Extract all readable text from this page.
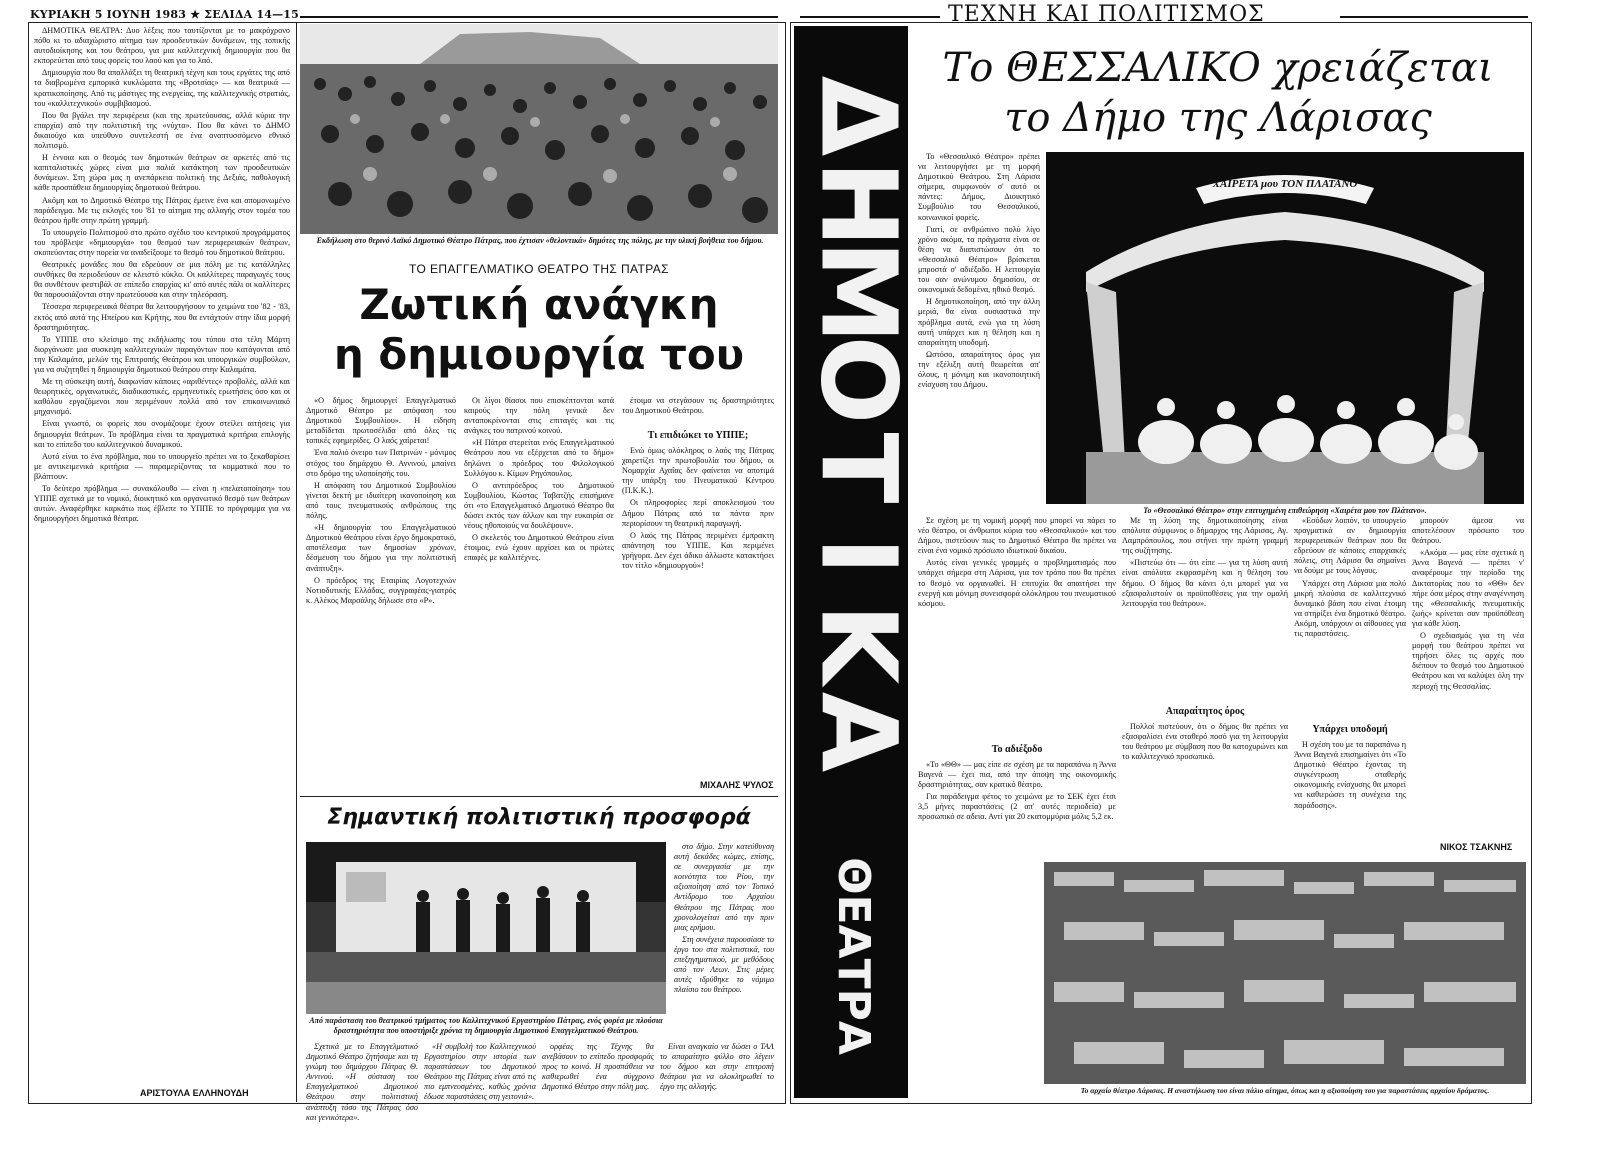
ΚΥΡΙΑΚΗ 5 ΙΟΥΝΗ 1983 ★ ΣΕΛΙΔΑ 14—15	ΤΕΧΝΗ ΚΑΙ ΠΟΛΙΤΙΣΜΟΣ

ΔΗΜΟΤΙΚΑ ΘΕΑΤΡΑ: Δυο λέξεις που ταυτίζονται με το μακρόχρονο πόθο κι το αδιαχώριστο αίτημα των προοδευτικών δυνάμεων, της τοπικής αυτοδιοίκησης και του θεάτρου, για μια καλλιτεχνική δημιουργία που θα εκπορεύεται από τους φορείς του λαού και για το λαό.

Δημιουργία που θα απαλλάξει τη θεατρική τέχνη και τους εργάτες της από τα διαβρωμένα εμπορικά κυκλώματα της «Βροτσίας» — και θεατρικά — κρατικοποίησης. Από τις μάστιγες της ενεργείας, της καλλιτεχνικής στρατιάς, του «καλλιτεχνικού» συμβιβασμού.

Που θα βγάλει την περιφέρεια (και της πρωτεύουσας, αλλά κύρια την επαρχία) από την πολιτιστική της «νύχτα». Που θα κάνει το ΔΗΜΟ δικαιούχο και υπεύθυνο συντελεστή σε ένα αναπτυσσόμενο εθνικό πολιτισμό.

Η έννοια και ο θεσμός των δημοτικών θεάτρων σε αρκετές από τις καπιταλιστικές χώρες είναι μια παλιά κατάκτηση των προοδευτικών δυνάμεων. Στη χώρα μας η ανεπάρκεια πολιτική της Δεξιάς, παθολογική κάθε προσπάθεια δημιουργίας δημοτικού θεάτρου.

Ακόμη και το Δημοτικό Θέατρο της Πάτρας έμεινε ένα και απομονωμένο παράδειγμα. Με τις εκλογές του '81 το αίτημα της αλλαγής στον τομέα του θεάτρου ήρθε στην πρώτη γραμμή.

Το υπουργείο Πολιτισμού στο πρώτο σχέδιο του κεντρικού προγράμματος του πρόβλεψε «δημιουργία» του θεσμού των περιφερειακών θεάτρων, σκοπεύοντας στην πορεία να αναδείξουμε το θεσμό του δημοτικού θεάτρου.

Θεατρικές μονάδες που θα εδρεύουν σε μια πόλη με τις κατάλληλες συνθήκες θα περιοδεύουν σε κλειστό κύκλο. Οι καλλίτερες παραγωγές τους θα συνθέτουν φεστιβάλ σε επίπεδο επαρχίας κι' από αυτές πάλι οι καλλίτερες θα παρουσιάζονται στην πρωτεύουσα και στην τηλεόραση.

Τέσσερα περιφερειακά θέατρα θα λειτουργήσουν το χειμώνα του '82 - '83, εκτός από αυτά της Ηπείρου και Κρήτης, που θα εντάχτούν στην ίδια μορφή δραστηριότητας.

Το ΥΠΠΕ στο κλείσιμο της εκδήλωσης του τύπου στα τέλη Μάρτη διοργάνωσε μια συσκεψη καλλιτεχνικών παραγόντων που κατάγονται από την Καλαμάτα, μελών της Επιτροπής Θεάτρου και υπουργικών συμβούλων, για να συζητηθεί η δημιουργία δημοτικού θεάτρου στην Καλαμάτα.

Με τη σύσκεψη αυτή, διαφωνίαν κάποιες «αριθέντες» προβολές, αλλά και θεωρητικές, οργανωτικές, διαδικαστικές, ερμηνευτικές ερωτήσεις όσο και οι καθόλου εργαζόμενοι που περιμένουν πολλά από τον επικοινωνιακό μηχανισμό.

Είναι γνωστό, οι φορείς που ονομάζουμε έχουν στείλει αιτήσεις για δημιουργία θεάτρων. Το πρόβλημα είναι τα πραγματικά κριτήρια επιλογής και το επίπεδο του καλλιτεχνικού δυναμικού.

Αυτό είναι το ένα πρόβλημα, που το υπουργείο πρέπει να το ξεκαθαρίσει με αντικειμενικά κριτήρια — παραμερίζοντας τα κομματικά που το βλάπτουν.

Το δεύτερο πρόβλημα — συνακόλουθο — είναι η «πελατοποίηση» του ΥΠΠΕ σχετικά με το νομικό, διοικητικό και οργανωτικό θεσμό των θεάτρων αυτών. Αναφέρθηκε καρκάτω πως έβλεπε το ΥΠΠΕ το πρόγραμμα για να δημιουργήσει δημοτικά θέατρα.

ΑΡΙΣΤΟΥΛΑ ΕΛΛΗΝΟΥΔΗ
Εκδήλωση στο θερινό Λαϊκό Δημοτικό Θέατρο Πάτρας, που έχτισαν «θελοντικά» δημότες της πόλης, με την υλική βοήθεια του δήμου.
ΤΟ ΕΠΑΓΓΕΛΜΑΤΙΚΟ ΘΕΑΤΡΟ ΤΗΣ ΠΑΤΡΑΣ
Ζωτική ανάγκη
η δημιουργία του

«Ο δήμος δημιουργεί Επαγγελματικό Δημοτικό Θέατρο με απόφαση του Δημοτικού Συμβουλίου». Η είδηση μεταδίδεται πρωτοσέλιδα από όλες τις τοπικές εφημερίδες. Ο λαός χαίρεται!

Ένα παλιό όνειρο των Πατρινών - μόνιμος στόχος του δημάρχου Θ. Αννινού, μπαίνει στο δρόμο της υλοποίησής του.

Η απόφαση του Δημοτικού Συμβουλίου γίνεται δεκτή με ιδιαίτερη ικανοποίηση και από τους πνευματικούς ανθρώπους της πόλης.

«Η δημιουργία του Επαγγελματικού Δημοτικού Θεάτρου είναι έργο δημοκρατικό, αποτέλεσμα των δημοσίων χρόνων, δέσμευση του δήμου για την πολιτιστική ανάπτυξη».

Ο πρόεδρος της Εταιρίας Λογοτεχνών Νοτιοδυτικής Ελλάδας, συγγραφέας-γιατρός κ. Αλέκος Μαρσάλης δήλωσε στο «Ρ».

Οι λίγοι θίασοι που επισκέπτονται κατά καιρούς την πόλη γενικά δεν ανταποκρίνονται στις επιταγές και τις ανάγκες του πατρινού κοινού.

«Η Πάτρα στερείται ενός Επαγγελματικού Θεάτρου που να εξέρχεται από το δήμο» δηλώνει ο πρόεδρος του Φιλολογικού Συλλόγου κ. Κίμων Ρηγόπουλος.

Ο αντιπρόεδρος του Δημοτικού Συμβουλίου, Κώστας Ταβατζής επισήμανε ότι «το Επαγγελματικό Δημοτικό Θέατρο θα δώσει εκτός των άλλων και την ευκαιρία σε νέους ηθοποιούς να δουλέψουν».

Ο σκελετός του Δημοτικού Θεάτρου είναι έτοιμος, ενώ έχουν αρχίσει και οι πρώτες επαφές με καλλιτέχνες.

έτοιμα να στεγάσουν τις δραστηριότητες του Δημοτικού Θεάτρου.

Τι επιδιώκει το ΥΠΠΕ;

Ενώ όμως ολόκληρος ο λαός της Πάτρας χαιρετίζει την πρωτοβουλία του δήμου, οι Νομαρχία Αχαΐας δεν φαίνεται να αποτιμά την υπάρξη του Πνευματικού Κέντρου (Π.Κ.Κ.).

Οι πληροφορίες περί αποκλεισμού του Δήμου Πάτρας από τα πάντα πριν περιορίσουν τη θεατρική παραγωγή.

Ο λαός της Πάτρας περιμένει έμπρακτη απάντηση του ΥΠΠΕ. Και περιμένει γρήγορα. Δεν έχει άδικο άλλωστε κατακτήσει τον τίτλο «δημιουργού»!

ΜΙΧΑΛΗΣ ΨΥΛΟΣ
Σημαντική πολιτιστική προσφορά

στο δήμο. Στην κατεύθυνση αυτή δεκάδες κώμες, επίσης, σε συνεργασία με την κοινότητα του Ρίου, την αξιοποίηση από τον Τοπικό Αντίδρομο του Αρχαίου Θεάτρου της Πάτρας που χρονολογείται από την πριν μιας ερήμου.

Στη συνέχεια παρουσίασε το έργο του στα πολιτιστικά, του επεξηγηματικού, με μεθόδους από τον Λεων. Στις μέρες αυτές ιδρύθηκε το νόμιμο πλαίσιο του θεάτρου.

Από παράσταση του θεατρικού τμήματος του Καλλιτεχνικού Εργαστηρίου Πάτρας, ενός φορέα με πλούσια δραστηριότητα που υποστήριξε χρόνια τη δημιουργία Δημοτικού Επαγγελματικού Θεάτρου.

Σχετικά με το Επαγγελματικό Δημοτικό Θέατρο ζητήσαμε και τη γνώμη του δημάρχου Πάτρας Θ. Αννινού. «Η σύσταση του Επαγγελματικού Δημοτικού Θεάτρου στην πολιτιστική ανάπτυξη τόσο της Πάτρας όσο και γενικότερα».

«Η συμβολή του Καλλιτεχνικού Εργαστηρίου στην ιστορία των παραστάσεων του Δημοτικού Θεάτρου της Πάτρας είναι από τις πιο εμπνευσμένες, καθώς χρόνια έδωσε παραστάσεις στη γειτονιά».

ορφέας της Τέχνης θα ανεβάσουν το επίπεδο προσφοράς προς το κοινό. Η προσπάθεια να καθιερωθεί ένα σύγχρονο Δημοτικό Θέατρο στην πόλη μας.

Είναι αναγκαίο να δώσει ο ΤΑΛ το απαραίτητο φύλλο στο λέγειν του δήμου και στην επιτροπή θεάτρου για να ολοκληρωθεί το έργο της αλλαγής.

Δ
Η
Μ
Ο
Τ
Ι
Κ
Α
ΘΕΑΤΡΑ
Το ΘΕΣΣΑΛΙΚΟ χρειάζεται
το Δήμο της Λάρισας

Το «Θεσσαλικό Θέατρο» πρέπει να λειτουργήσει με τη μορφή Δημοτικού Θεάτρου. Στη Λάρισα σήμερα, συμφωνούν σ' αυτό οι πάντες: Δήμος, Διοικητικό Συμβούλιο του Θεσσαλικού, κοινωνικοί φορείς.

Γιατί, σε ανθρώπινο πολύ λίγο χρόνο ακόμα, τα πράγματα είναι σε θέση να διαπιστώσουν ότι το «Θεσσαλικό Θέατρο» βρίσκεται μπροστά σ' αδιέξοδο. Η λειτουργία του σαν ανώνυμου δημοσίου, σε οικονομικά δεδομένα, ηθικό θεσμό.

Η δημοτικοποίηση, από την άλλη μεριά, θα είναι ουσιαστικά την πρόβλημα αυτά, ενώ για τη λύση αυτή υπάρχει και η θέληση και η απαραίτητη υποδομή.

Ωστόσο, απαραίτητος όρος για την εξέλιξη αυτή θεωρείται απ' όλους, η μόνιμη και ικανοποιητική ενίσχυση του Δήμου.

ΧΑΙΡΕΤΑ μου ΤΟΝ ΠΛΑΤΑΝΟ
Το «Θεσσαλικό Θέατρο» στην επιτυχημένη επιθεώρηση «Χαιρέτα μου τον Πλάτανο».

Σε σχέση με τη νομική μορφή που μπορεί να πάρει το νέο θέατρο, οι άνθρωποι κύρια του «Θεσσαλικού» και του Δήμου, πιστεύουν πως το Δημοτικό Θέατρο θα πρέπει να είναι ένα νομικό πρόσωπο ιδιωτικού δικαίου.

Αυτός είναι γενικές γραμμές ο προβληματισμός που υπάρχει σήμερα στη Λάρισα, για τον τρόπο που θα πρέπει το θεσμό να οργανωθεί. Η επιτυχία θα απαιτήσει την ενεργή και μόνιμη συνεισφορά ολόκληρου του πνευματικού κόσμου.

Το αδιέξοδο

«Το «ΘΘ» — μας είπε σε σχέση με τα παραπάνω η Άννα Βαγενά — έχει πια, από την άποψη της οικονομικής δραστηριότητας, σαν κρατικό θέατρο.

Για παράδειγμα φέτος το χειμώνα με το ΣΕΚ έχει έτσι 3,5 μήνες παραστάσεις (2 απ' αυτές περιοδεία) με προσωπικό σε αδεια. Αντί για 20 εκατομμύρια μόλις 5,2 εκ.

Με τη λύση της δημοτικοποίησης είναι απόλυτα σύμφωνος ο δήμαρχος της Λάρισας, Αγ. Λαμπρόπουλος, που στήνει την πρώτη γραμμή της συζήτησης.

«Πιστεύω ότι — ότι είπε — για τη λύση αυτή είναι απόλυτα εκφρασμένη και η θέληση του δήμου. Ο δήμος θα κάνει ό,τι μπορεί για να εξασφαλιστούν οι προϋποθέσεις για την ομαλή λειτουργία του θεάτρου».

Απαραίτητος όρος

Πολλοί πιστεύουν, ότι ο δήμος θα πρέπει να εξασφαλίσει ένα σταθερό ποσό για τη λειτουργία του θεάτρου με σύμβαση που θα κατοχυρώνει και το καλλιτεχνικό προσωπικό.

«Εσόδων λοιπόν, το υπουργείο πραγματικά αν δημιουργία περιφερειακών θεάτρων που θα εδρεύουν σε κάποιες επαρχιακές πόλεις, στη Λάρισα θα σημαίνει να δούμε με τους λόγους.

Υπάρχει στη Λάρισα μια πολύ μικρή πλούσια σε καλλιτεχνικό δυναμικό βάση που είναι έτοιμη να στηρίξει ένα δημοτικό θέατρο. Ακόμη, υπάρχουν οι αίθουσες για τις παραστάσεις.

Υπάρχει υποδομή

Η σχέση του με τα παραπάνω η Άννα Βαγενά επισημαίνει ότι «Το Δημοτικό Θέατρο έχοντας τη συγκέντρωση σταθερής οικονομικής ενίσχυσης θα μπορεί να καθιερώσει τη συνέχεια της παράδοσης».

μπορούν άμεσα να αποτελέσουν πρόσωπο του θεάτρου.

«Ακόμα — μας είπε σχετικά η Άννα Βαγενά — πρέπει ν' αναφέρουμε την περίοδο της Δικτατορίας που το «ΘΘ» δεν πήρε όσα μέρος στην αναγέννηση της «Θεσσαλικής πνευματικής ζωής» κρίνεται σαν προϋπόθεση για κάθε λύση.

Ο σχεδιασμός για τη νέα μορφή του θεάτρου πρέπει να τηρήσει όλες τις αρχές που διέπουν το θεσμό του Δημοτικού Θεάτρου και να καλύψει όλη την περιοχή της Θεσσαλίας.

ΝΙΚΟΣ ΤΣΑΚΝΗΣ
Το αρχαίο θέατρο Λάρισας. Η αναστήλωση του είναι πάλιο αίτημα, όπως και η αξιοποίηση του για παραστάσεις αρχαίου δράματος.
